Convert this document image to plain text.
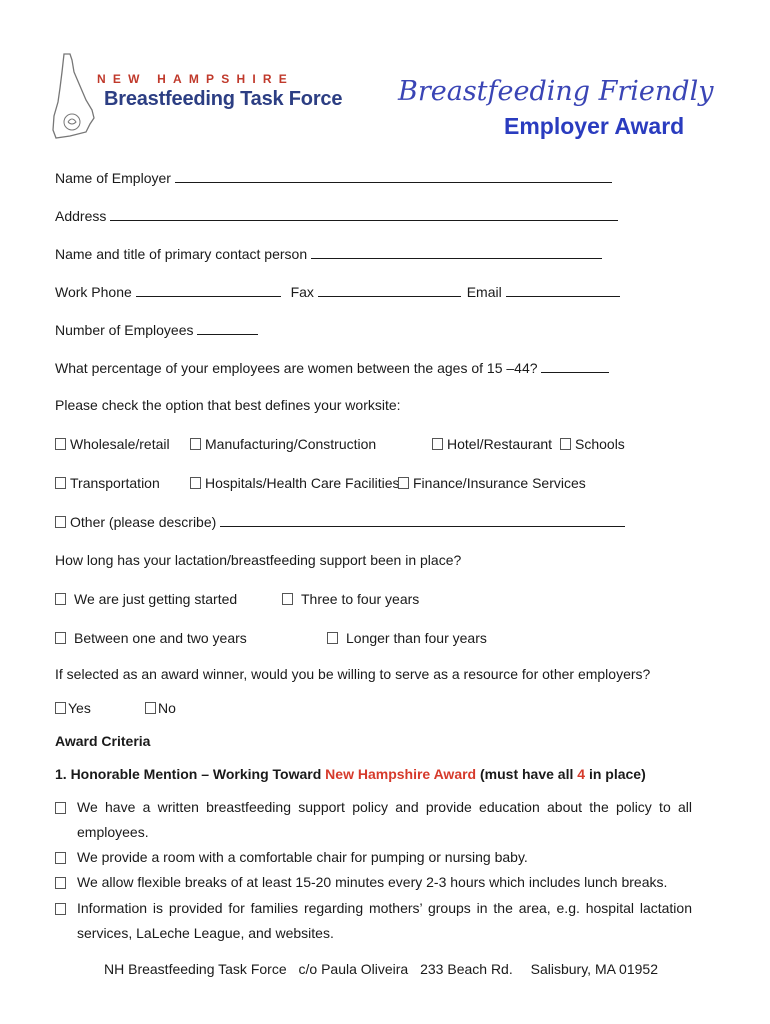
NEW HAMPSHIRE
Breastfeeding Task Force Breastfeeding Friendly
Employer Award
Name of Employer
Address
Name and title of primary contact person
Work Phone	Fax	Email
Number of Employees
What percentage of your employees are women between the ages of 15 –44?
Please check the option that best defines your worksite:
Wholesale/retail	Manufacturing/Construction	Hotel/Restaurant	Schools
Transportation	Hospitals/Health Care Facilities Finance/Insurance Services
Other (please describe)
How long has your lactation/breastfeeding support been in place?
We are just getting started	Three to four years
Between one and two years	Longer than four years
If selected as an award winner, would you be willing to serve as a resource for other employers?
Yes	No
Award Criteria
1. Honorable Mention – Working Toward New Hampshire Award (must have all 4 in place)
We have a written breastfeeding support policy and provide education about the policy to all employees.
We provide a room with a comfortable chair for pumping or nursing baby.
We allow flexible breaks of at least 15-20 minutes every 2-3 hours which includes lunch breaks.
Information is provided for families regarding mothers’ groups in the area, e.g. hospital lactation services, LaLeche League, and websites.
NH Breastfeeding Task Force c/o Paula Oliveira 233 Beach Rd. Salisbury, MA 01952
